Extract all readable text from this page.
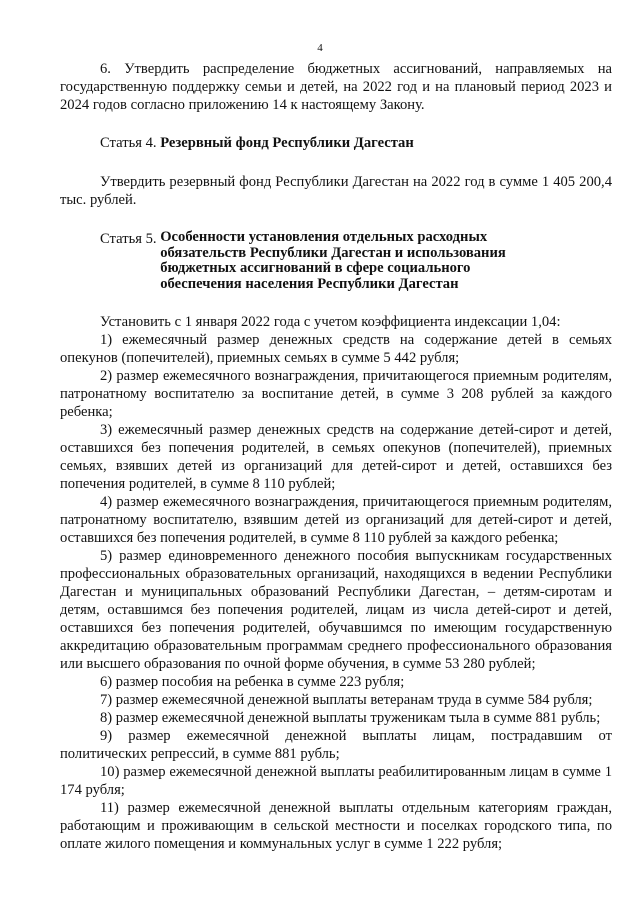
4

6. Утвердить распределение бюджетных ассигнований, направляемых на государственную поддержку семьи и детей, на 2022 год и на плановый период 2023 и 2024 годов согласно приложению 14 к настоящему Закону.

Статья 4. Резервный фонд Республики Дагестан

Утвердить резервный фонд Республики Дагестан на 2022 год в сумме 1 405 200,4 тыс. рублей.

Статья 5.
Особенности установления отдельных расходных обязательств Республики Дагестан и использования бюджетных ассигнований в сфере социального обеспечения населения Республики Дагестан

Установить с 1 января 2022 года с учетом коэффициента индексации 1,04:

1) ежемесячный размер денежных средств на содержание детей в семьях опекунов (попечителей), приемных семьях в сумме 5 442 рубля;

2) размер ежемесячного вознаграждения, причитающегося приемным родителям, патронатному воспитателю за воспитание детей, в сумме 3 208 рублей за каждого ребенка;

3) ежемесячный размер денежных средств на содержание детей-сирот и детей, оставшихся без попечения родителей, в семьях опекунов (попечителей), приемных семьях, взявших детей из организаций для детей-сирот и детей, оставшихся без попечения родителей, в сумме 8 110 рублей;

4) размер ежемесячного вознаграждения, причитающегося приемным родителям, патронатному воспитателю, взявшим детей из организаций для детей-сирот и детей, оставшихся без попечения родителей, в сумме 8 110 рублей за каждого ребенка;

5) размер единовременного денежного пособия выпускникам государственных профессиональных образовательных организаций, находящихся в ведении Республики Дагестан и муниципальных образований Республики Дагестан, – детям-сиротам и детям, оставшимся без попечения родителей, лицам из числа детей-сирот и детей, оставшихся без попечения родителей, обучавшимся по имеющим государственную аккредитацию образовательным программам среднего профессионального образования или высшего образования по очной форме обучения, в сумме 53 280 рублей;

6) размер пособия на ребенка в сумме 223 рубля;

7) размер ежемесячной денежной выплаты ветеранам труда в сумме 584 рубля;

8) размер ежемесячной денежной выплаты труженикам тыла в сумме 881 рубль;

9) размер ежемесячной денежной выплаты лицам, пострадавшим от политических репрессий, в сумме 881 рубль;

10) размер ежемесячной денежной выплаты реабилитированным лицам в сумме 1 174 рубля;

11) размер ежемесячной денежной выплаты отдельным категориям граждан, работающим и проживающим в сельской местности и поселках городского типа, по оплате жилого помещения и коммунальных услуг в сумме 1 222 рубля;
